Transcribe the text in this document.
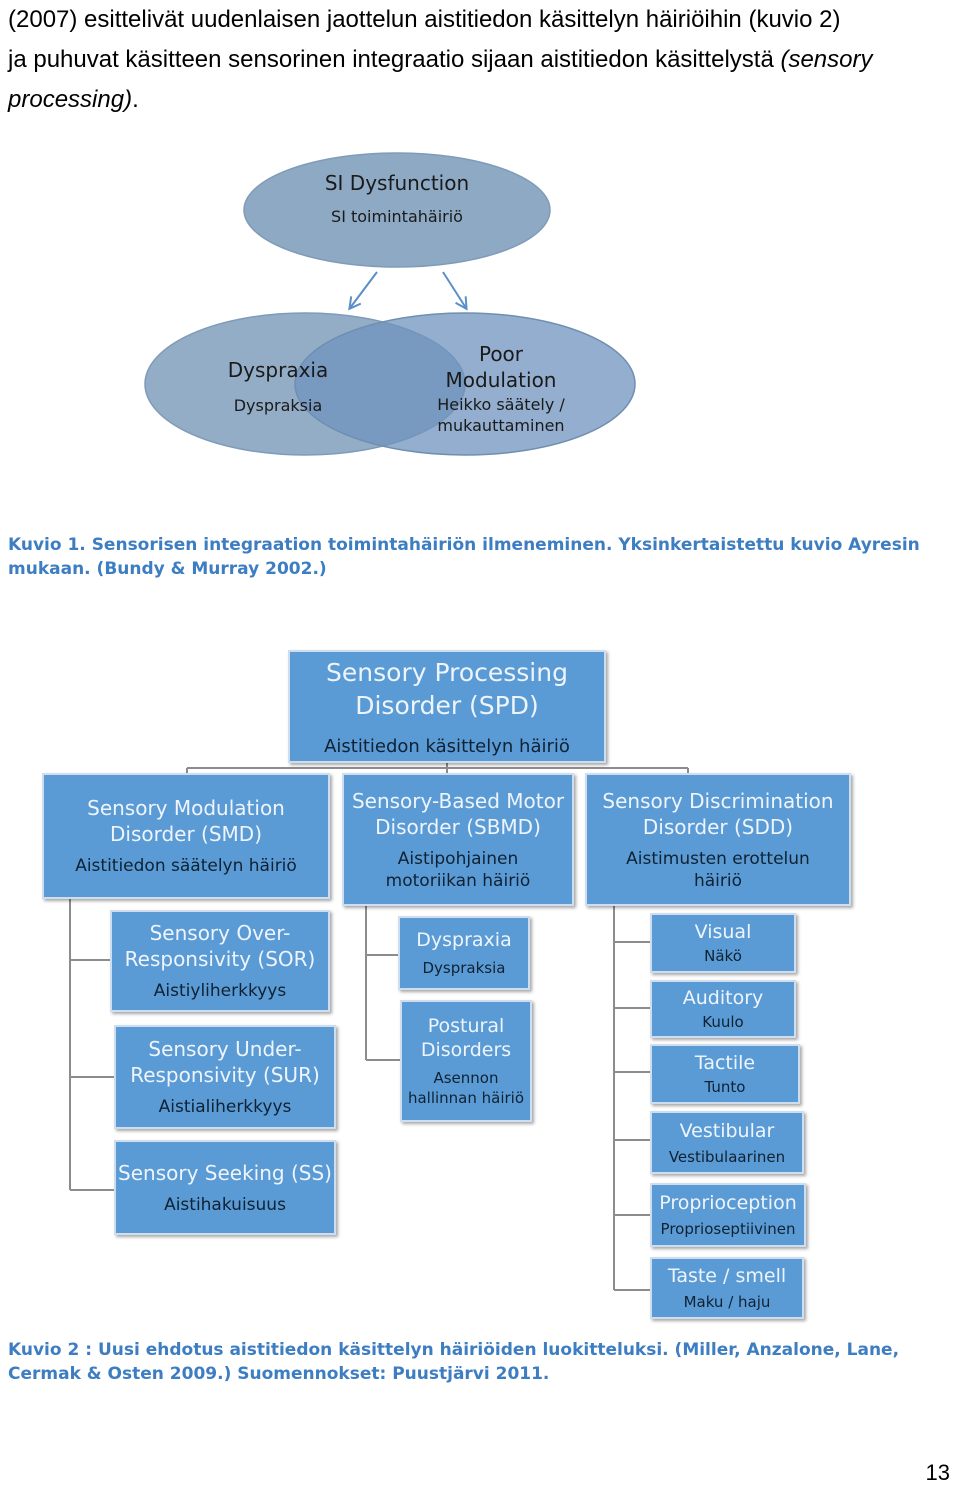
(2007) esittelivät uudenlaisen jaottelun aistitiedon käsittelyn häiriöihin (kuvio 2)
ja puhuvat käsitteen sensorinen integraatio sijaan aistitiedon käsittelystä (sensory
processing).
SI Dysfunction
SI toimintahäiriö
Dyspraxia
Dyspraksia
Poor
Modulation
Heikko säätely /
mukauttaminen
Kuvio 1. Sensorisen integraation toimintahäiriön ilmeneminen. Yksinkertaistettu kuvio Ayresin
mukaan. (Bundy & Murray 2002.)
Sensory Processing
Disorder (SPD)
Aistitiedon käsittelyn häiriö
Sensory Modulation
Disorder (SMD)
Aistitiedon säätelyn häiriö
Sensory-Based Motor
Disorder (SBMD)
Aistipohjainen
motoriikan häiriö
Sensory Discrimination
Disorder (SDD)
Aistimusten erottelun
häiriö
Sensory Over-
Responsivity (SOR)
Aistiyliherkkyys
Sensory Under-
Responsivity (SUR)
Aistialiherkkyys
Sensory Seeking (SS)
Aistihakuisuus
Dyspraxia
Dyspraksia
Postural
Disorders
Asennon
hallinnan häiriö
Visual
Näkö
Auditory
Kuulo
Tactile
Tunto
Vestibular
Vestibulaarinen
Proprioception
Proprioseptiivinen
Taste / smell
Maku / haju
Kuvio 2 : Uusi ehdotus aistitiedon käsittelyn häiriöiden luokitteluksi. (Miller, Anzalone, Lane,
Cermak & Osten 2009.) Suomennokset: Puustjärvi 2011.
13
